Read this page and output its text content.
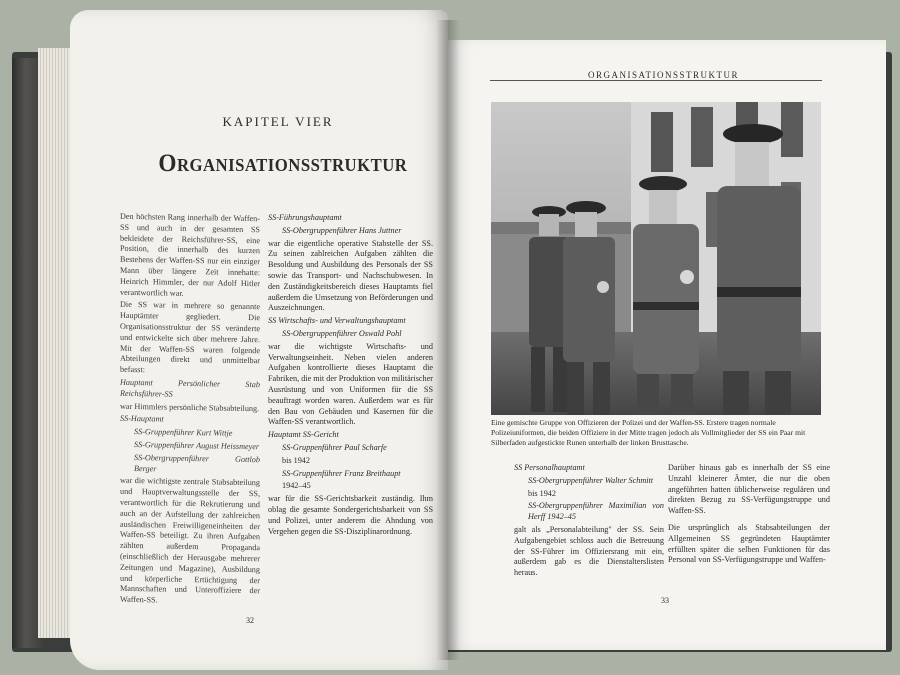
KAPITEL VIER
Organisationsstruktur

Den höchsten Rang innerhalb der Waffen-SS und auch in der gesamten SS bekleidete der Reichsführer-SS, eine Position, die innerhalb des kurzen Bestehens der Waffen-SS nur ein einziger Mann über längere Zeit innehatte: Heinrich Himmler, der nur Adolf Hitler verantwortlich war.

Die SS war in mehrere so genannte Hauptämter gegliedert. Die Organisationsstruktur der SS veränderte und entwickelte sich über mehrere Jahre. Mit der Waffen-SS waren folgende Abteilungen direkt und unmittelbar befasst:

Hauptamt Persönlicher Stab Reichsführer-SS

war Himmlers persönliche Stabsabteilung.

SS-Hauptamt

SS-Gruppenführer Kurt Wittje

SS-Gruppenführer August Heissmeyer

SS-Obergruppenführer Gottlob Berger

war die wichtigste zentrale Stabsabteilung und Hauptverwaltungsstelle der SS, verantwortlich für die Rekrutierung und auch an der Aufstellung der zahlreichen ausländischen Freiwilligeneinheiten der Waffen-SS beteiligt. Zu ihren Aufgaben zählten außerdem Propaganda (einschließlich der Herausgabe mehrerer Zeitungen und Magazine), Ausbildung und körperliche Ertüchtigung der Mannschaften und Unteroffiziere der Waffen-SS.

SS-Führungshauptamt

SS-Obergruppenführer Hans Juttner

war die eigentliche operative Stabstelle der SS. Zu seinen zahlreichen Aufgaben zählten die Besoldung und Ausbildung des Personals der SS sowie das Transport- und Nachschubwesen. In den Zuständigkeitsbereich dieses Hauptamts fiel außerdem die Umsetzung von Beförderungen und Auszeichnungen.

SS Wirtschafts- und Verwaltungshauptamt

SS-Obergruppenführer Oswald Pohl

war die wichtigste Wirtschafts- und Verwaltungseinheit. Neben vielen anderen Aufgaben kontrollierte dieses Hauptamt die Fabriken, die mit der Produktion von militärischer Ausrüstung und von Uniformen für die SS beauftragt worden waren. Außerdem war es für den Bau von Gebäuden und Kasernen für die Waffen-SS verantwortlich.

Hauptamt SS-Gericht

SS-Gruppenführer Paul Scharfe

bis 1942

SS-Gruppenführer Franz Breithaupt

1942–45

war für die SS-Gerichtsbarkeit zuständig. Ihm oblag die gesamte Sondergerichtsbarkeit von SS und Polizei, unter anderem die Ahndung von Vergehen gegen die SS-Disziplinarordnung.

32
ORGANISATIONSSTRUKTUR
Eine gemischte Gruppe von Offizieren der Polizei und der Waffen-SS. Erstere tragen normale Polizeiuniformen, die beiden Offiziere in der Mitte tragen jedoch als Vollmitglieder der SS ein Paar mit Silberfaden aufgestickte Runen unterhalb der linken Brusttasche.

SS Personalhauptamt

SS-Obergruppenführer Walter Schmitt

bis 1942

SS-Obergruppenführer Maximilian von Herff 1942–45

galt als „Personalabteilung" der SS. Sein Aufgabengebiet schloss auch die Betreuung der SS-Führer im Offiziersrang mit ein, außerdem gab es die Dienstalterslisten heraus.

Darüber hinaus gab es innerhalb der SS eine Unzahl kleinerer Ämter, die nur die oben angeführten hatten üblicherweise regulären und direkten Bezug zu SS-Verfügungstruppe und Waffen-SS.

Die ursprünglich als Stabsabteilungen der Allgemeinen SS gegründeten Hauptämter erfüllten später die selben Funktionen für das Personal von SS-Verfügungstruppe und Waffen-

33
